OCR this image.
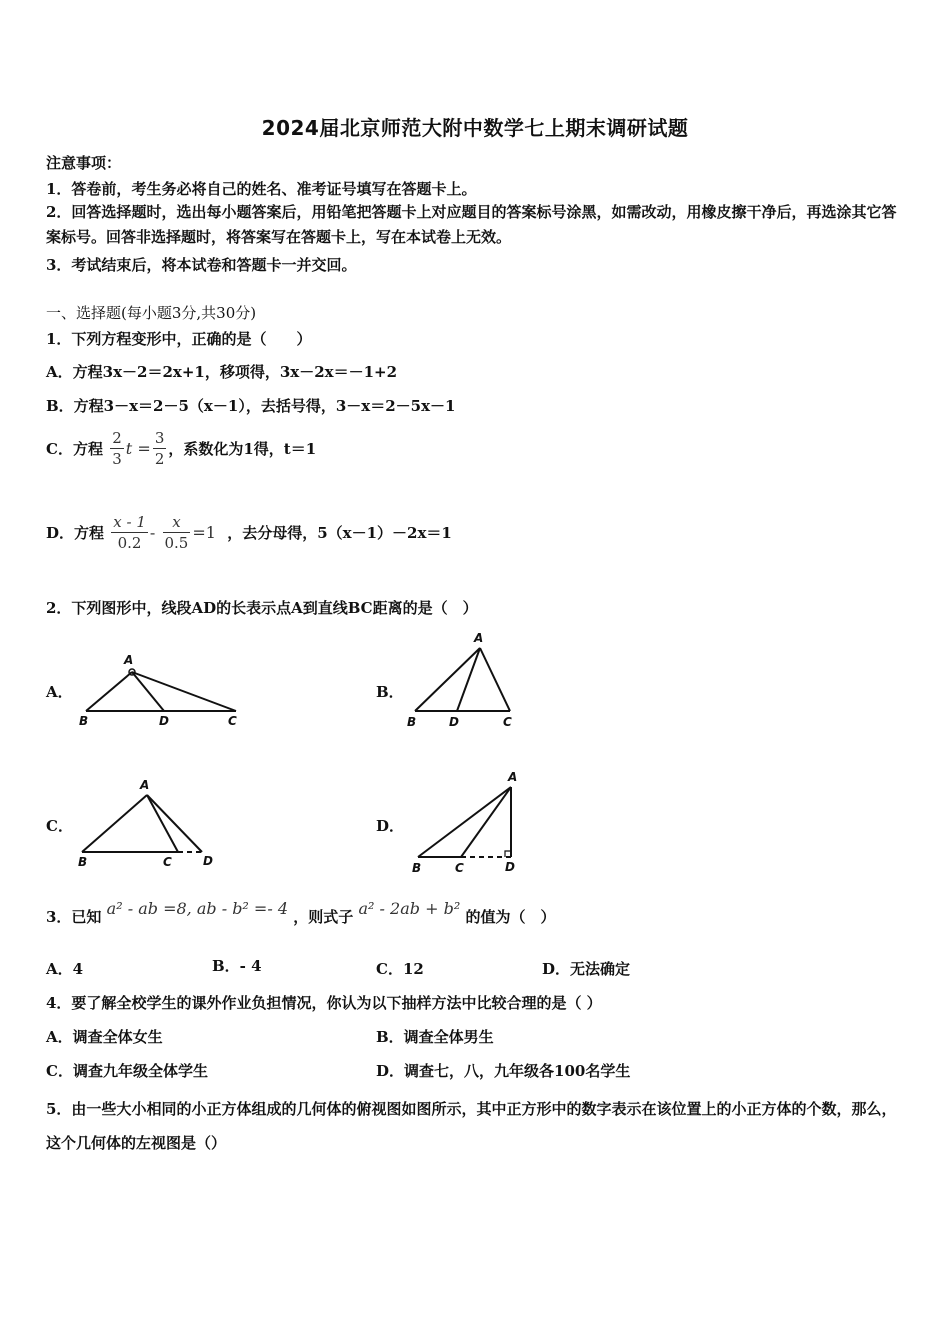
2024届北京师范大附中数学七上期末调研试题
注意事项：
1．答卷前，考生务必将自己的姓名、准考证号填写在答题卡上。
2．回答选择题时，选出每小题答案后，用铅笔把答题卡上对应题目的答案标号涂黑，如需改动，用橡皮擦干净后，再选涂其它答案标号。回答非选择题时，将答案写在答题卡上，写在本试卷上无效。
3．考试结束后，将本试卷和答题卡一并交回。
一、选择题(每小题3分,共30分)
1．下列方程变形中，正确的是（　　）
A．方程3x－2＝2x+1，移项得，3x－2x＝－1+2
B．方程3－x＝2－5（x－1），去括号得，3－x＝2－5x－1
C．方程 $\frac{2}{3}$ $t = \frac{3}{2}$ ，系数化为1得，t＝1
D．方程 $\frac{x - 1}{0.2} - \frac{x}{0.5} =1$ ，去分母得，5（x－1）－2x＝1
2．下列图形中，线段AD的长表示点A到直线BC距离的是（　）
A．
A
B	D	C
B．
A
B	D	C
C．
A
B	C	D
D．
A
B	C	D
3．已知 a² - ab =8, ab - b² =- 4 ，则式子 a² - 2ab + b² 的值为（　）
A．4	B．- 4	C．12	D．无法确定
4．要了解全校学生的课外作业负担情况，你认为以下抽样方法中比较合理的是（ ）
A．调查全体女生	B．调查全体男生
C．调查九年级全体学生	D．调查七，八，九年级各100名学生
5．由一些大小相同的小正方体组成的几何体的俯视图如图所示，其中正方形中的数字表示在该位置上的小正方体的个数，那么，这个几何体的左视图是（）
